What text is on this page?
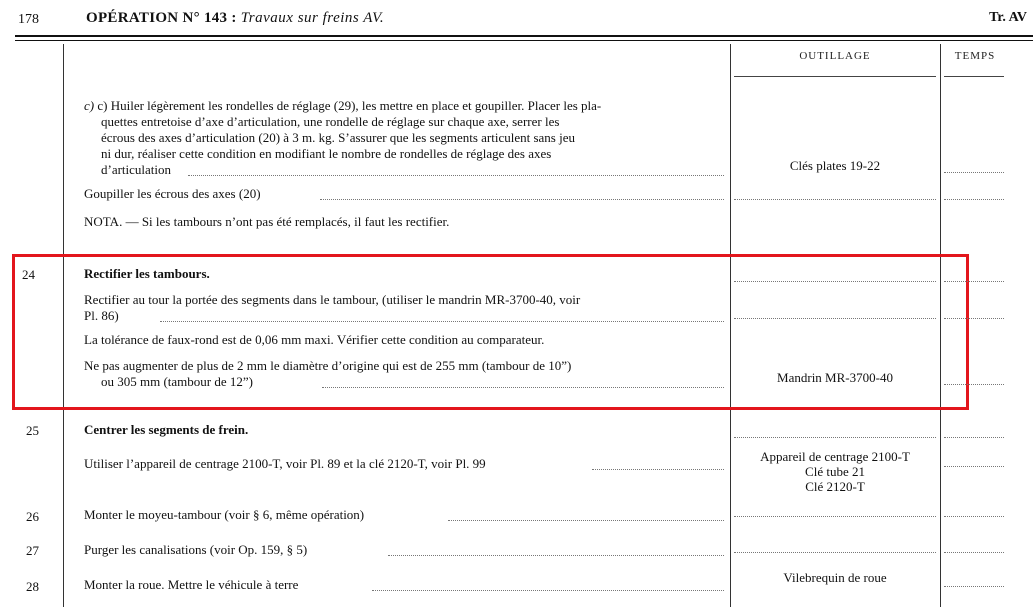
178	OPÉRATION N° 143 : Travaux sur freins AV.	Tr. AV
OUTILLAGE	TEMPS
c) c) Huiler légèrement les rondelles de réglage (29), les mettre en place et goupiller. Placer les pla-
quettes entretoise d’axe d’articulation, une rondelle de réglage sur chaque axe, serrer les
écrous des axes d’articulation (20) à 3 m. kg. S’assurer que les segments articulent sans jeu
ni dur, réaliser cette condition en modifiant le nombre de rondelles de réglage des axes
d’articulation	Clés plates 19-22
Goupiller les écrous des axes (20)
NOTA. — Si les tambours n’ont pas été remplacés, il faut les rectifier.
24	Rectifier les tambours.
Rectifier au tour la portée des segments dans le tambour, (utiliser le mandrin MR-3700-40, voir
Pl. 86)
La tolérance de faux-rond est de 0,06 mm maxi. Vérifier cette condition au comparateur.
Ne pas augmenter de plus de 2 mm le diamètre d’origine qui est de 255 mm (tambour de 10”)
ou 305 mm (tambour de 12”)	Mandrin MR-3700-40
25	Centrer les segments de frein.
Utiliser l’appareil de centrage 2100-T, voir Pl. 89 et la clé 2120-T, voir Pl. 99	Appareil de centrage 2100-T
Clé tube 21
Clé 2120-T
26	Monter le moyeu-tambour (voir § 6, même opération)
27	Purger les canalisations (voir Op. 159, § 5)
28	Monter la roue. Mettre le véhicule à terre	Vilebrequin de roue
